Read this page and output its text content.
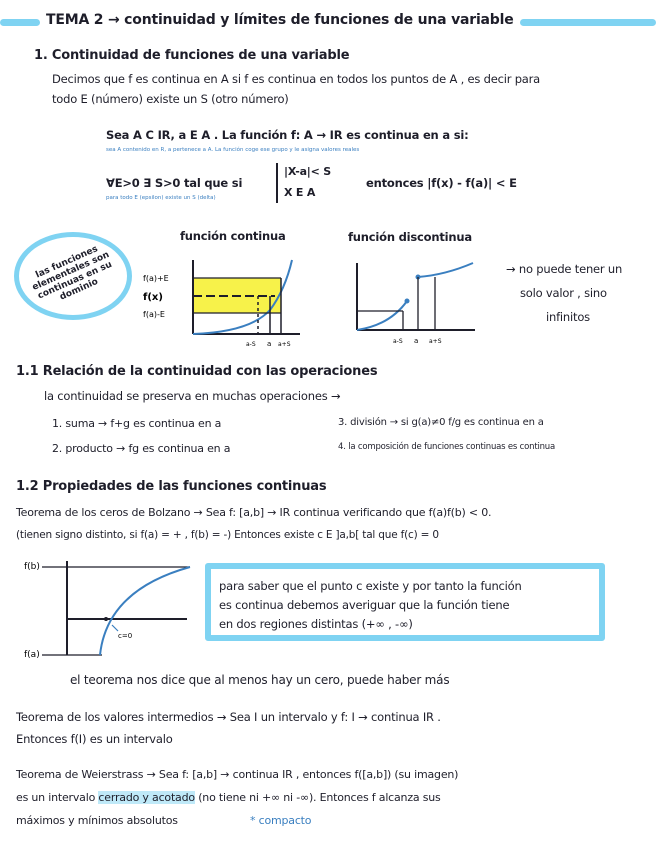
TEMA 2 → continuidad y límites de funciones de una variable
1. Continuidad de funciones de una variable
Decimos que f es continua en A si f es continua en todos los puntos de A , es decir para
todo E (número) existe un S (otro número)
Sea A C IR, a E A . La función f: A → IR es continua en a si:
sea A contenido en R, a pertenece a A. La función coge ese grupo y le asigna valores reales
∀E>0 ∃ S>0 tal que si
|X-a|< S
X E A
entonces |f(x) - f(a)| < E
para todo E (epsilon) existe un S (delta)
las funciones elementales son continuas en su dominio
función continua	función discontinua
f(a)+E
f(x)
f(a)-E
a-S a a+S	a-S a a+S
→ no puede tener un
solo valor , sino
infinitos
1.1 Relación de la continuidad con las operaciones
la continuidad se preserva en muchas operaciones →
1. suma → f+g es continua en a
2. producto → fg es continua en a
3. división → si g(a)≠0 f/g es continua en a
4. la composición de funciones continuas es continua
1.2 Propiedades de las funciones continuas
Teorema de los ceros de Bolzano → Sea f: [a,b] → IR continua verificando que f(a)f(b) < 0.
(tienen signo distinto, si f(a) = + , f(b) = -) Entonces existe c E ]a,b[ tal que f(c) = 0
f(b)
f(a)
c=0
para saber que el punto c existe y por tanto la función
es continua debemos averiguar que la función tiene
en dos regiones distintas (+∞ , -∞)
el teorema nos dice que al menos hay un cero, puede haber más
Teorema de los valores intermedios → Sea I un intervalo y f: I → continua IR .
Entonces f(I) es un intervalo
Teorema de Weierstrass → Sea f: [a,b] → continua IR , entonces f([a,b]) (su imagen)
es un intervalo cerrado y acotado (no tiene ni +∞ ni -∞). Entonces f alcanza sus
máximos y mínimos absolutos	* compacto
